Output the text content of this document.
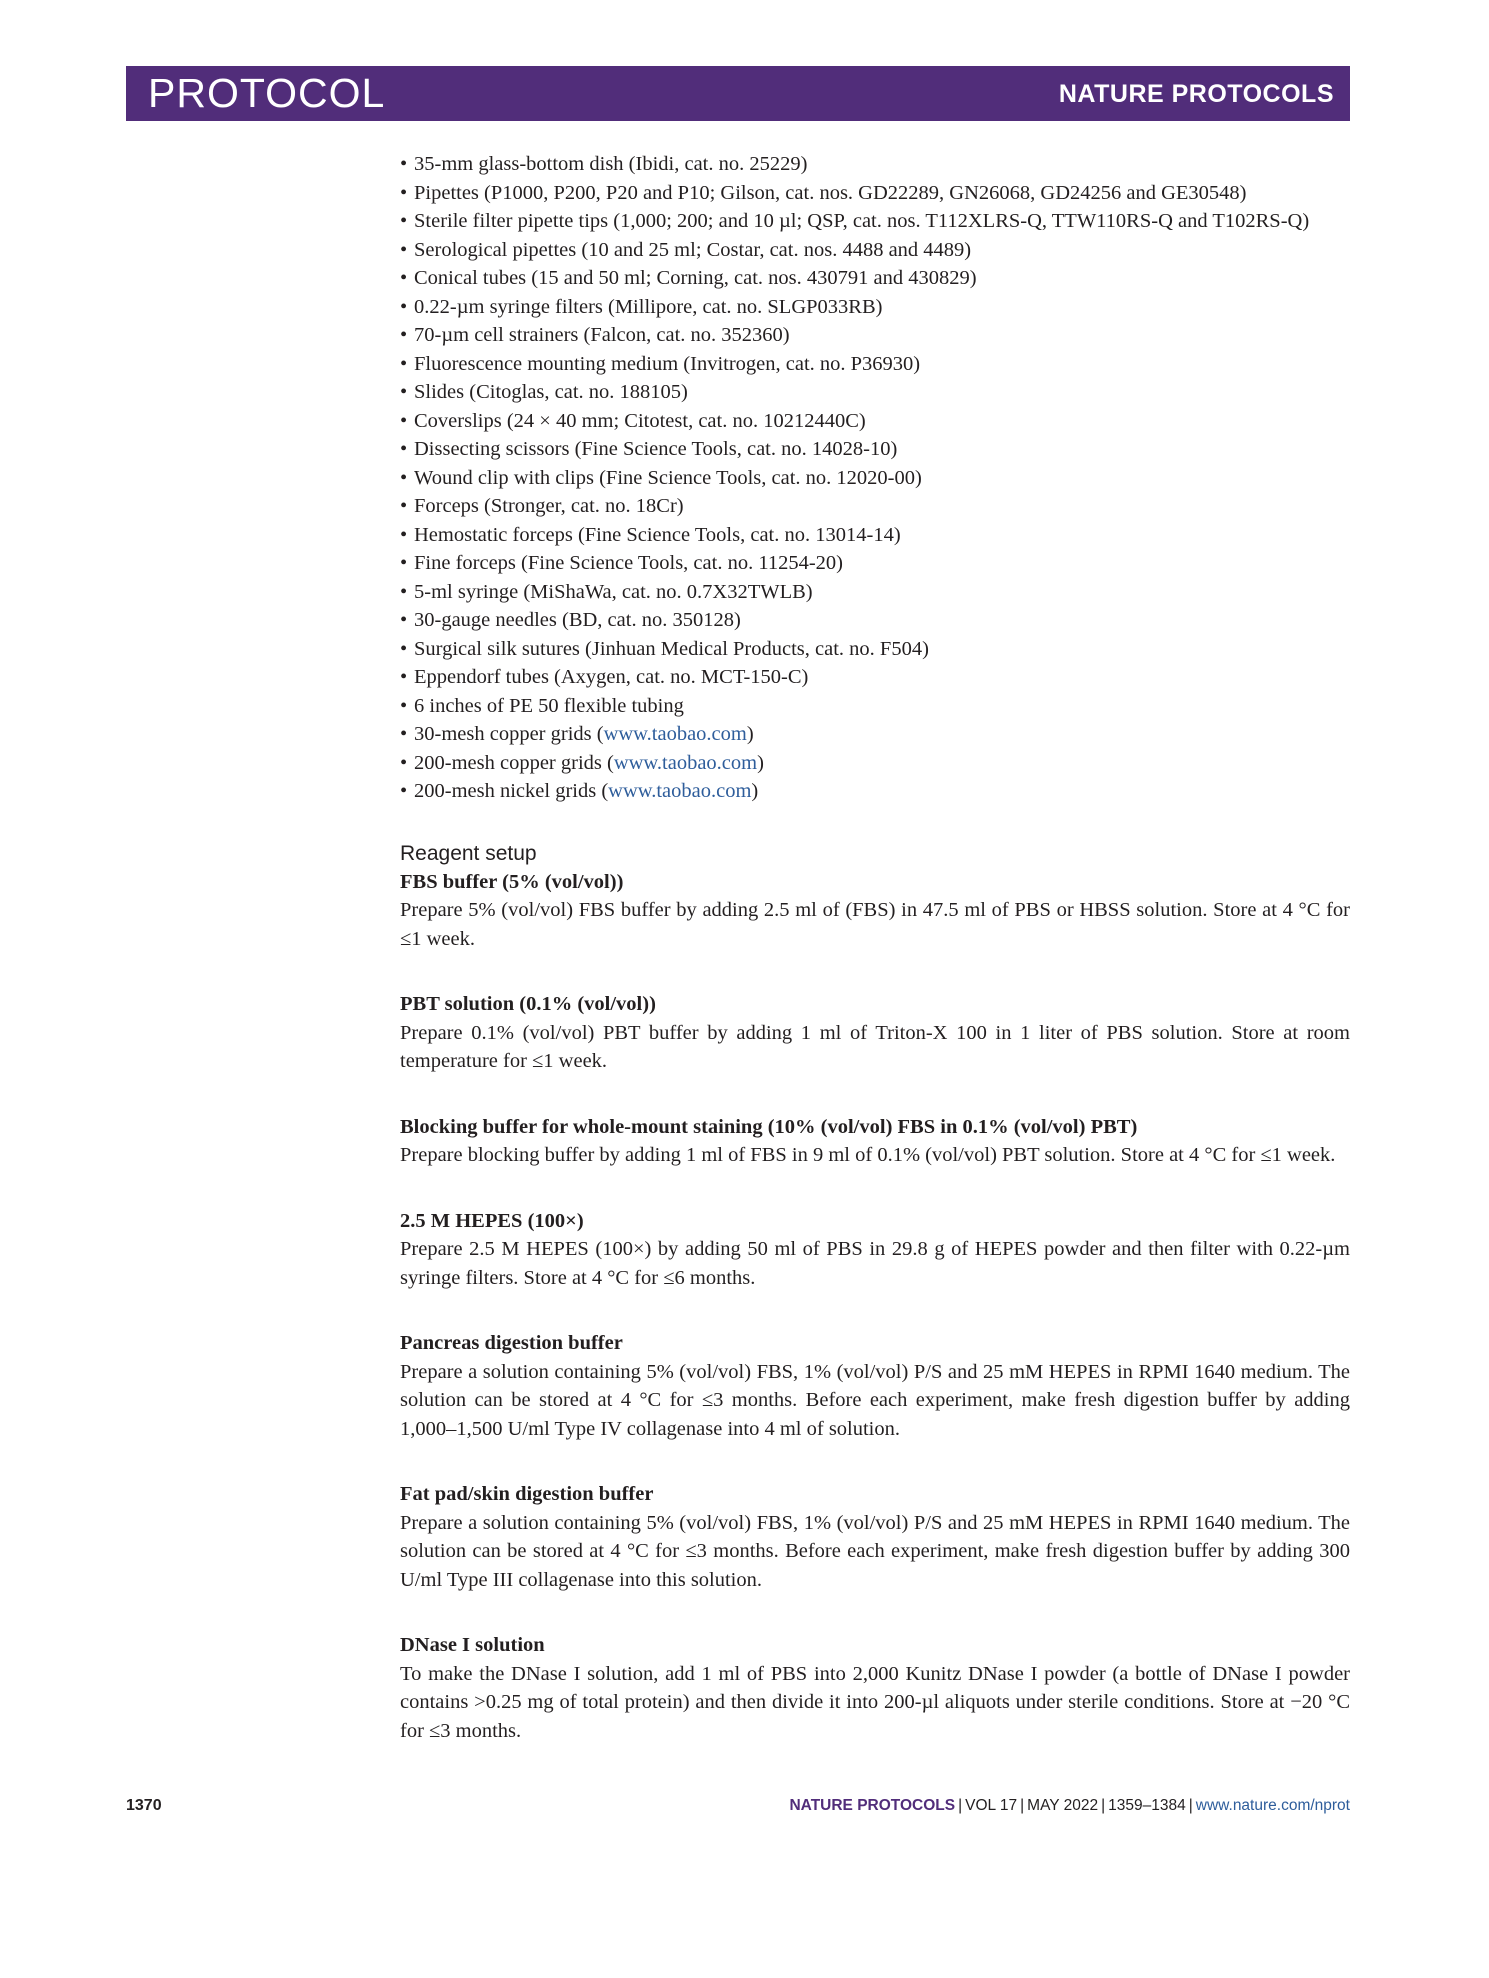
PROTOCOL	NATURE PROTOCOLS
• 35-mm glass-bottom dish (Ibidi, cat. no. 25229)
• Pipettes (P1000, P200, P20 and P10; Gilson, cat. nos. GD22289, GN26068, GD24256 and GE30548)
• Sterile filter pipette tips (1,000; 200; and 10 µl; QSP, cat. nos. T112XLRS-Q, TTW110RS-Q and T102RS-Q)
• Serological pipettes (10 and 25 ml; Costar, cat. nos. 4488 and 4489)
• Conical tubes (15 and 50 ml; Corning, cat. nos. 430791 and 430829)
• 0.22-µm syringe filters (Millipore, cat. no. SLGP033RB)
• 70-µm cell strainers (Falcon, cat. no. 352360)
• Fluorescence mounting medium (Invitrogen, cat. no. P36930)
• Slides (Citoglas, cat. no. 188105)
• Coverslips (24 × 40 mm; Citotest, cat. no. 10212440C)
• Dissecting scissors (Fine Science Tools, cat. no. 14028-10)
• Wound clip with clips (Fine Science Tools, cat. no. 12020-00)
• Forceps (Stronger, cat. no. 18Cr)
• Hemostatic forceps (Fine Science Tools, cat. no. 13014-14)
• Fine forceps (Fine Science Tools, cat. no. 11254-20)
• 5-ml syringe (MiShaWa, cat. no. 0.7X32TWLB)
• 30-gauge needles (BD, cat. no. 350128)
• Surgical silk sutures (Jinhuan Medical Products, cat. no. F504)
• Eppendorf tubes (Axygen, cat. no. MCT-150-C)
• 6 inches of PE 50 flexible tubing
• 30-mesh copper grids (www.taobao.com)
• 200-mesh copper grids (www.taobao.com)
• 200-mesh nickel grids (www.taobao.com)
Reagent setup
FBS buffer (5% (vol/vol))
Prepare 5% (vol/vol) FBS buffer by adding 2.5 ml of (FBS) in 47.5 ml of PBS or HBSS solution. Store at 4 °C for ≤1 week.
PBT solution (0.1% (vol/vol))
Prepare 0.1% (vol/vol) PBT buffer by adding 1 ml of Triton-X 100 in 1 liter of PBS solution. Store at room temperature for ≤1 week.
Blocking buffer for whole-mount staining (10% (vol/vol) FBS in 0.1% (vol/vol) PBT)
Prepare blocking buffer by adding 1 ml of FBS in 9 ml of 0.1% (vol/vol) PBT solution. Store at 4 °C for ≤1 week.
2.5 M HEPES (100×)
Prepare 2.5 M HEPES (100×) by adding 50 ml of PBS in 29.8 g of HEPES powder and then filter with 0.22-µm syringe filters. Store at 4 °C for ≤6 months.
Pancreas digestion buffer
Prepare a solution containing 5% (vol/vol) FBS, 1% (vol/vol) P/S and 25 mM HEPES in RPMI 1640 medium. The solution can be stored at 4 °C for ≤3 months. Before each experiment, make fresh digestion buffer by adding 1,000–1,500 U/ml Type IV collagenase into 4 ml of solution.
Fat pad/skin digestion buffer
Prepare a solution containing 5% (vol/vol) FBS, 1% (vol/vol) P/S and 25 mM HEPES in RPMI 1640 medium. The solution can be stored at 4 °C for ≤3 months. Before each experiment, make fresh digestion buffer by adding 300 U/ml Type III collagenase into this solution.
DNase I solution
To make the DNase I solution, add 1 ml of PBS into 2,000 Kunitz DNase I powder (a bottle of DNase I powder contains >0.25 mg of total protein) and then divide it into 200-µl aliquots under sterile conditions. Store at −20 °C for ≤3 months.
1370	NATURE PROTOCOLS | VOL 17 | MAY 2022 | 1359–1384 | www.nature.com/nprot
